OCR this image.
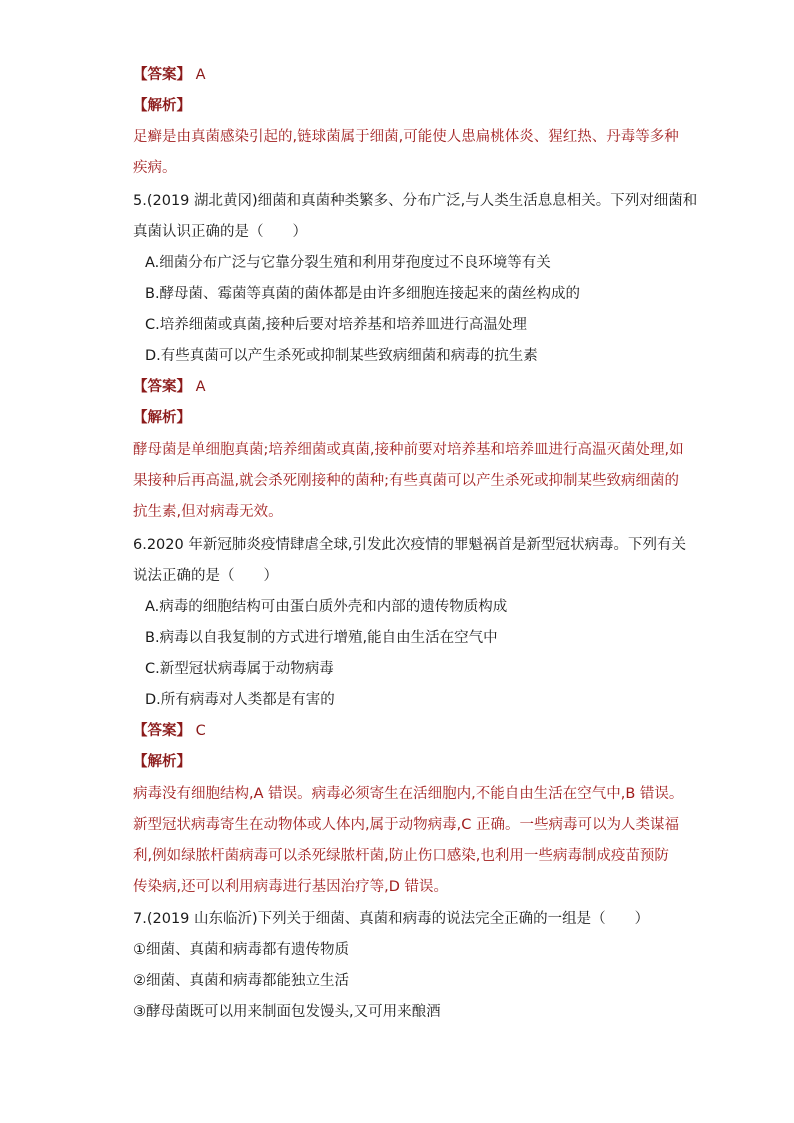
【答案】 A
【解析】
足癣是由真菌感染引起的,链球菌属于细菌,可能使人患扁桃体炎、猩红热、丹毒等多种
疾病。
5.(2019 湖北黄冈)细菌和真菌种类繁多、分布广泛,与人类生活息息相关。下列对细菌和
真菌认识正确的是（　　）
A.细菌分布广泛与它靠分裂生殖和利用芽孢度过不良环境等有关
B.酵母菌、霉菌等真菌的菌体都是由许多细胞连接起来的菌丝构成的
C.培养细菌或真菌,接种后要对培养基和培养皿进行高温处理
D.有些真菌可以产生杀死或抑制某些致病细菌和病毒的抗生素
【答案】 A
【解析】
酵母菌是单细胞真菌;培养细菌或真菌,接种前要对培养基和培养皿进行高温灭菌处理,如
果接种后再高温,就会杀死刚接种的菌种;有些真菌可以产生杀死或抑制某些致病细菌的
抗生素,但对病毒无效。
6.2020 年新冠肺炎疫情肆虐全球,引发此次疫情的罪魁祸首是新型冠状病毒。下列有关
说法正确的是（　　）
A.病毒的细胞结构可由蛋白质外壳和内部的遗传物质构成
B.病毒以自我复制的方式进行增殖,能自由生活在空气中
C.新型冠状病毒属于动物病毒
D.所有病毒对人类都是有害的
【答案】 C
【解析】
病毒没有细胞结构,A 错误。病毒必须寄生在活细胞内,不能自由生活在空气中,B 错误。
新型冠状病毒寄生在动物体或人体内,属于动物病毒,C 正确。一些病毒可以为人类谋福
利,例如绿脓杆菌病毒可以杀死绿脓杆菌,防止伤口感染,也利用一些病毒制成疫苗预防
传染病,还可以利用病毒进行基因治疗等,D 错误。
7.(2019 山东临沂)下列关于细菌、真菌和病毒的说法完全正确的一组是（　　）
①细菌、真菌和病毒都有遗传物质
②细菌、真菌和病毒都能独立生活
③酵母菌既可以用来制面包发馒头,又可用来酿酒
